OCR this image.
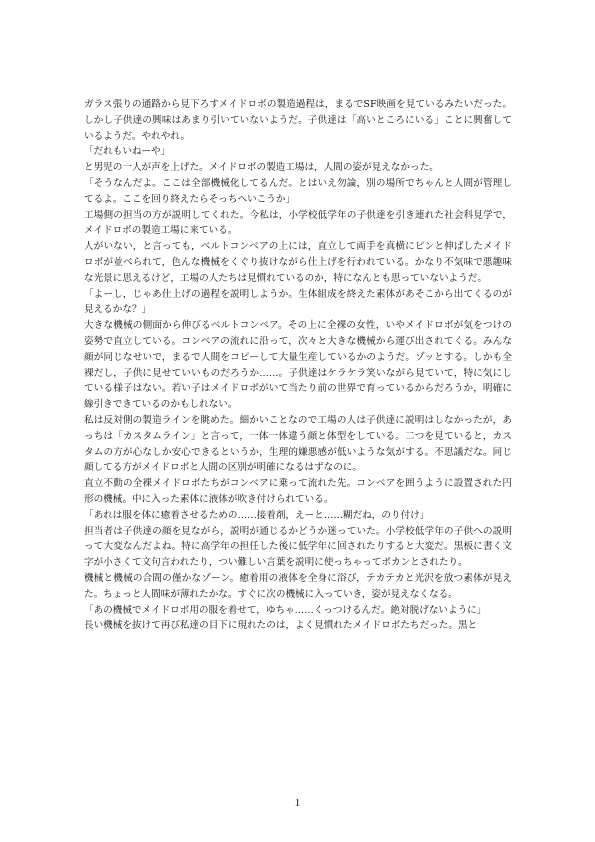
ガラス張りの通路から見下ろすメイドロボの製造過程は，まるでSF映画を見ているみたいだった。しかし子供達の興味はあまり引いていないようだ。子供達は「高いところにいる」ことに興奮しているようだ。やれやれ。

「だれもいねーや」

と男児の一人が声を上げた。メイドロボの製造工場は，人間の姿が見えなかった。

「そうなんだよ。ここは全部機械化してるんだ。とはいえ勿論，別の場所でちゃんと人間が管理してるよ。ここを回り終えたらそっちへいこうか」

工場側の担当の方が説明してくれた。今私は，小学校低学年の子供達を引き連れた社会科見学で，メイドロボの製造工場に来ている。

人がいない，と言っても，ベルトコンベアの上には，直立して両手を真横にピンと伸ばしたメイドロボが並べられて，色んな機械をくぐり抜けながら仕上げを行われている。かなり不気味で悪趣味な光景に思えるけど，工場の人たちは見慣れているのか，特になんとも思っていないようだ。

「よーし，じゃあ仕上げの過程を説明しようか。生体組成を終えた素体があそこから出てくるのが見えるかな？」

大きな機械の側面から伸びるベルトコンベア。その上に全裸の女性，いやメイドロボが気をつけの姿勢で直立している。コンベアの流れに沿って，次々と大きな機械から運び出されてくる。みんな顔が同じなせいで，まるで人間をコピーして大量生産しているかのようだ。ゾッとする。しかも全裸だし，子供に見せていいものだろうか……。子供達はケラケラ笑いながら見ていて，特に気にしている様子はない。若い子はメイドロボがいて当たり前の世界で育っているからだろうか，明確に線引きできているのかもしれない。

私は反対側の製造ラインを眺めた。細かいことなので工場の人は子供達に説明はしなかったが，あっちは「カスタムライン」と言って，一体一体違う顔と体型をしている。二つを見ていると，カスタムの方が心なしか安心できるというか，生理的嫌悪感が低いような気がする。不思議だな。同じ顔してる方がメイドロボと人間の区別が明確になるはずなのに。

直立不動の全裸メイドロボたちがコンベアに乗って流れた先。コンベアを囲うように設置された円形の機械。中に入った素体に液体が吹き付けられている。

「あれは服を体に癒着させるための……接着剤，えーと……糊だね，のり付け」

担当者は子供達の顔を見ながら，説明が通じるかどうか迷っていた。小学校低学年の子供への説明って大変なんだよね。特に高学年の担任した後に低学年に回されたりすると大変だ。黒板に書く文字が小さくて文句言われたり，つい難しい言葉を説明に使っちゃってポカンとされたり。

機械と機械の合間の僅かなゾーン。癒着用の液体を全身に浴び，テカテカと光沢を放つ素体が見えた。ちょっと人間味が薄れたかな。すぐに次の機械に入っていき，姿が見えなくなる。

「あの機械でメイドロボ用の服を着せて，ゆちゃ……くっつけるんだ。絶対脱げないように」

長い機械を抜けて再び私達の目下に現れたのは，よく見慣れたメイドロボたちだった。黒と

1
